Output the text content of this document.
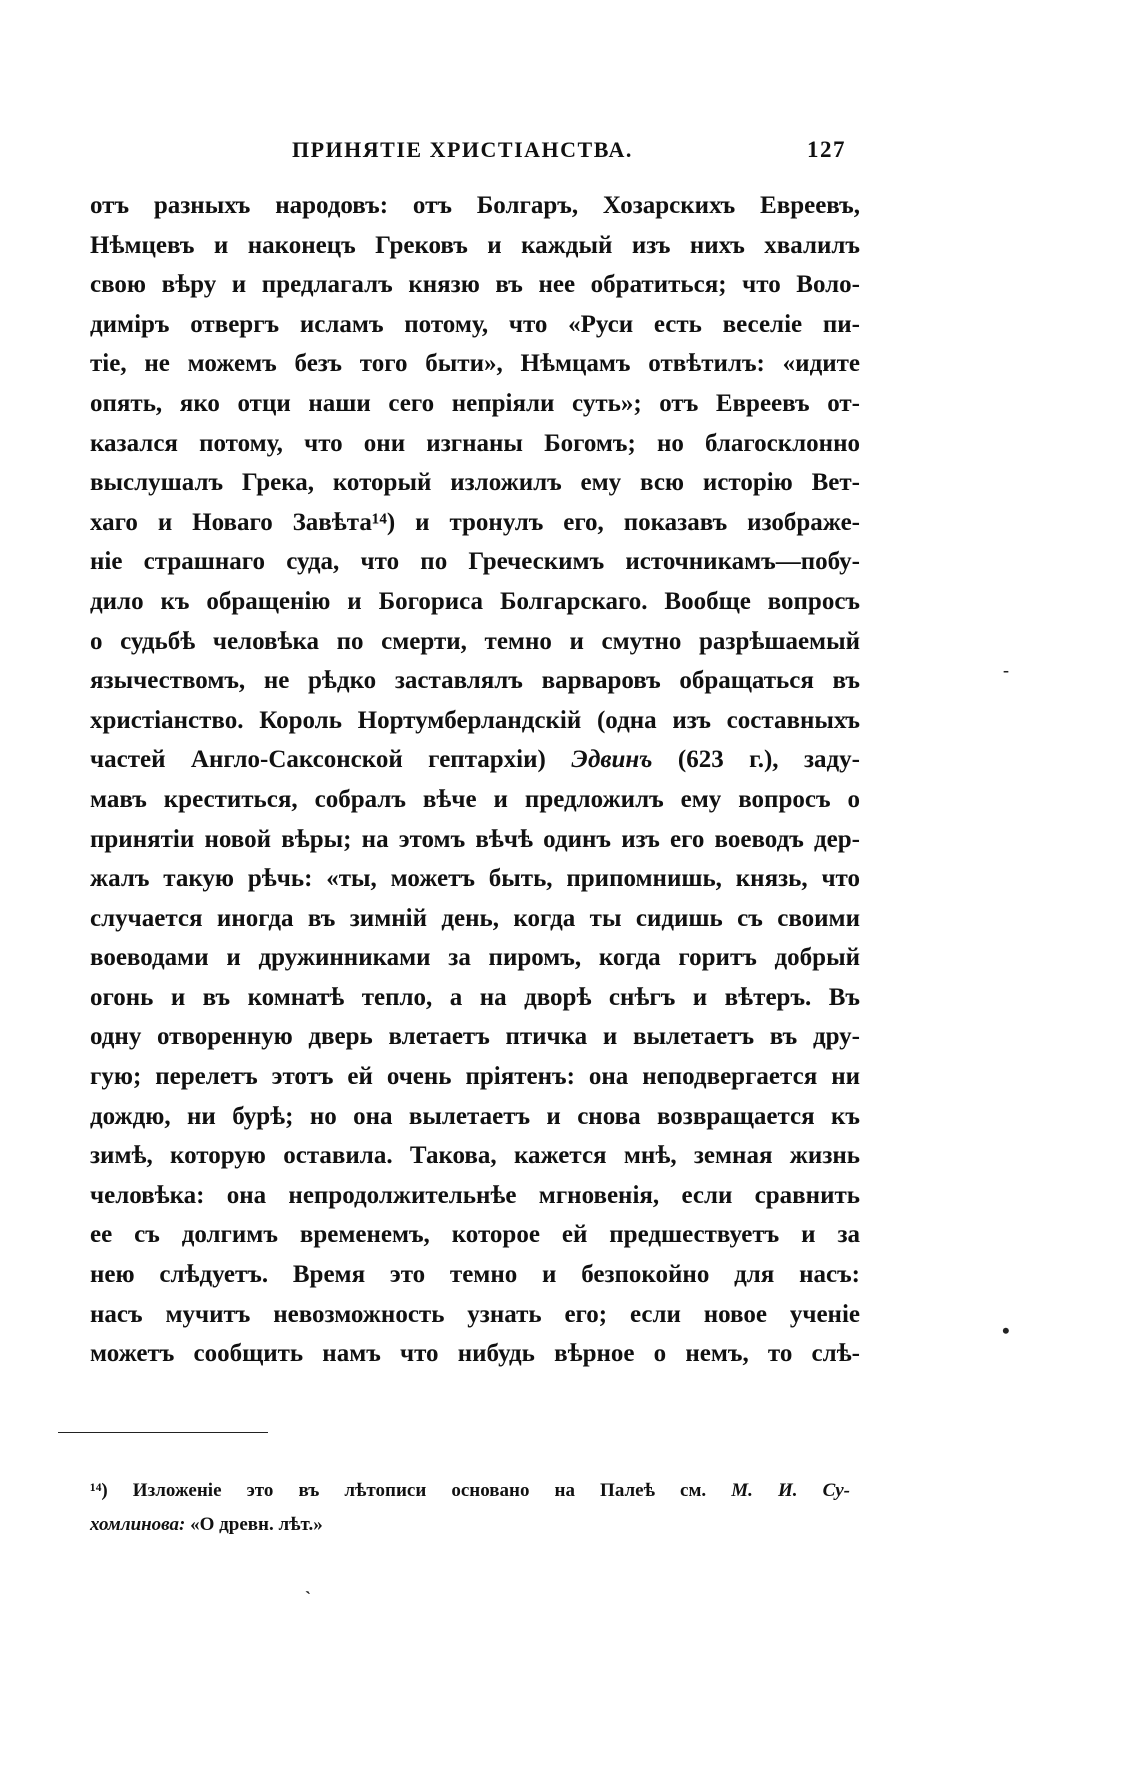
ПРИНЯТІЕ ХРИСТІАНСТВА.	127
отъ разныхъ народовъ: отъ Болгаръ, Хозарскихъ Евреевъ,
Нѣмцевъ и наконецъ Грековъ и каждый изъ нихъ хвалилъ
свою вѣру и предлагалъ князю въ нее обратиться; что Воло-
диміръ отвергъ исламъ потому, что «Руси есть веселіе пи-
тіе, не можемъ безъ того быти», Нѣмцамъ отвѣтилъ: «идите
опять, яко отци наши сего непріяли суть»; отъ Евреевъ от-
казался потому, что они изгнаны Богомъ; но благосклонно
выслушалъ Грека, который изложилъ ему всю исторію Вет-
хаго и Новаго Завѣта¹⁴) и тронулъ его, показавъ изображе-
ніе страшнаго суда, что по Греческимъ источникамъ—побу-
дило къ обращенію и Богориса Болгарскаго. Вообще вопросъ
о судьбѣ человѣка по смерти, темно и смутно разрѣшаемый
язычествомъ, не рѣдко заставлялъ варваровъ обращаться въ
христіанство. Король Нортумберландскій (одна изъ составныхъ
частей Англо-Саксонской гептархіи) Эдвинъ (623 г.), заду-
мавъ креститься, собралъ вѣче и предложилъ ему вопросъ о
принятіи новой вѣры; на этомъ вѣчѣ одинъ изъ его воеводъ дер-
жалъ такую рѣчь: «ты, можетъ быть, припомнишь, князь, что
случается иногда въ зимній день, когда ты сидишь съ своими
воеводами и дружинниками за пиромъ, когда горитъ добрый
огонь и въ комнатѣ тепло, а на дворѣ снѣгъ и вѣтеръ. Въ
одну отворенную дверь влетаетъ птичка и вылетаетъ въ дру-
гую; перелетъ этотъ ей очень пріятенъ: она неподвергается ни
дождю, ни бурѣ; но она вылетаетъ и снова возвращается къ
зимѣ, которую оставила. Такова, кажется мнѣ, земная жизнь
человѣка: она непродолжительнѣе мгновенія, если сравнить
ее съ долгимъ временемъ, которое ей предшествуетъ и за
нею слѣдуетъ. Время это темно и безпокойно для насъ:
насъ мучитъ невозможность узнать его; если новое ученіе
можетъ сообщить намъ что нибудь вѣрное о немъ, то слѣ-
¹⁴) Изложеніе это въ лѣтописи основано на Палеѣ см. М. И. Су-
хомлинова: «О древн. лѣт.»
-
•
`
